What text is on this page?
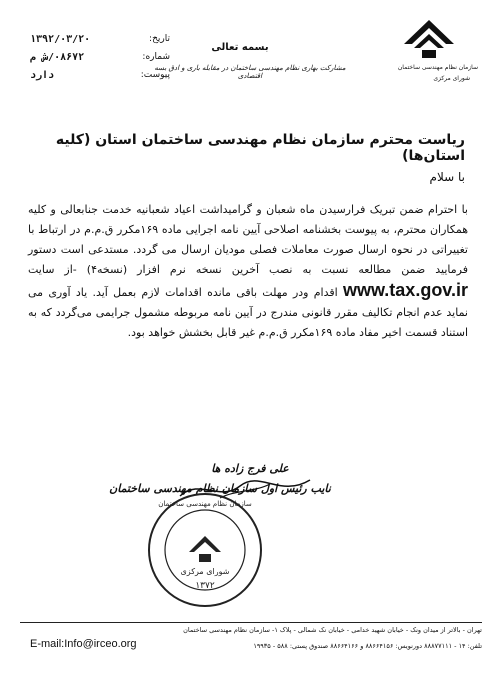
سازمان نظام مهندسی ساختمان
شورای مرکزی
بسمه تعالی
مشارکت بهاری نظام مهندسی ساختمان در مقابله باری و ادق بسه اقتصادی
تاریخ:
۱۳۹۲/۰۳/۲۰
شماره:
۰۸۶۷۲/ش م
پیوست:
دارد
ریاست محترم سازمان نظام مهندسی ساختمان استان (کلیه استان‌ها)
با سلام
با احترام ضمن تبریک فرارسیدن ماه شعبان و گرامیداشت اعیاد شعبانیه خدمت جنابعالی و کلیه همکاران محترم، به پیوست بخشنامه اصلاحی آیین نامه اجرایی ماده ۱۶۹مکرر ق.م.م در ارتباط با تغییراتی در نحوه ارسال صورت معاملات فصلی مودیان ارسال می گردد. مستدعی است دستور فرمایید ضمن مطالعه نسبت به نصب آخرین نسخه نرم افزار (نسخه۴) -از سایت www.tax.gov.ir اقدام ودر مهلت باقی مانده اقدامات لازم بعمل آید. یاد آوری می نماید عدم انجام تکالیف مقرر قانونی مندرج در آیین نامه مربوطه مشمول جرایمی می‌گردد که به استناد قسمت اخیر مفاد ماده ۱۶۹مکرر ق.م.م غیر قابل بخشش خواهد بود.
علی فرج زاده ها
نایب رئیس اول سازمان نظام مهندسی ساختمان
شورای مرکزی
۱۳۷۲
سازمان نظام مهندسی ساختمان
تهران - بالاتر از میدان ونک - خیابان شهید خدامی - خیابان نک شمالی - پلاک ۱- سازمان نظام مهندسی ساختمان
تلفن: ۱۴ - ۸۸۸۷۷۱۱۱ دورنویس: ۸۸۶۶۴۱۵۶ و ۸۸۶۶۴۱۶۶ صندوق پستی: ۵۸۸ - ۱۹۹۳۵
E-mail:Info@irceo.org
